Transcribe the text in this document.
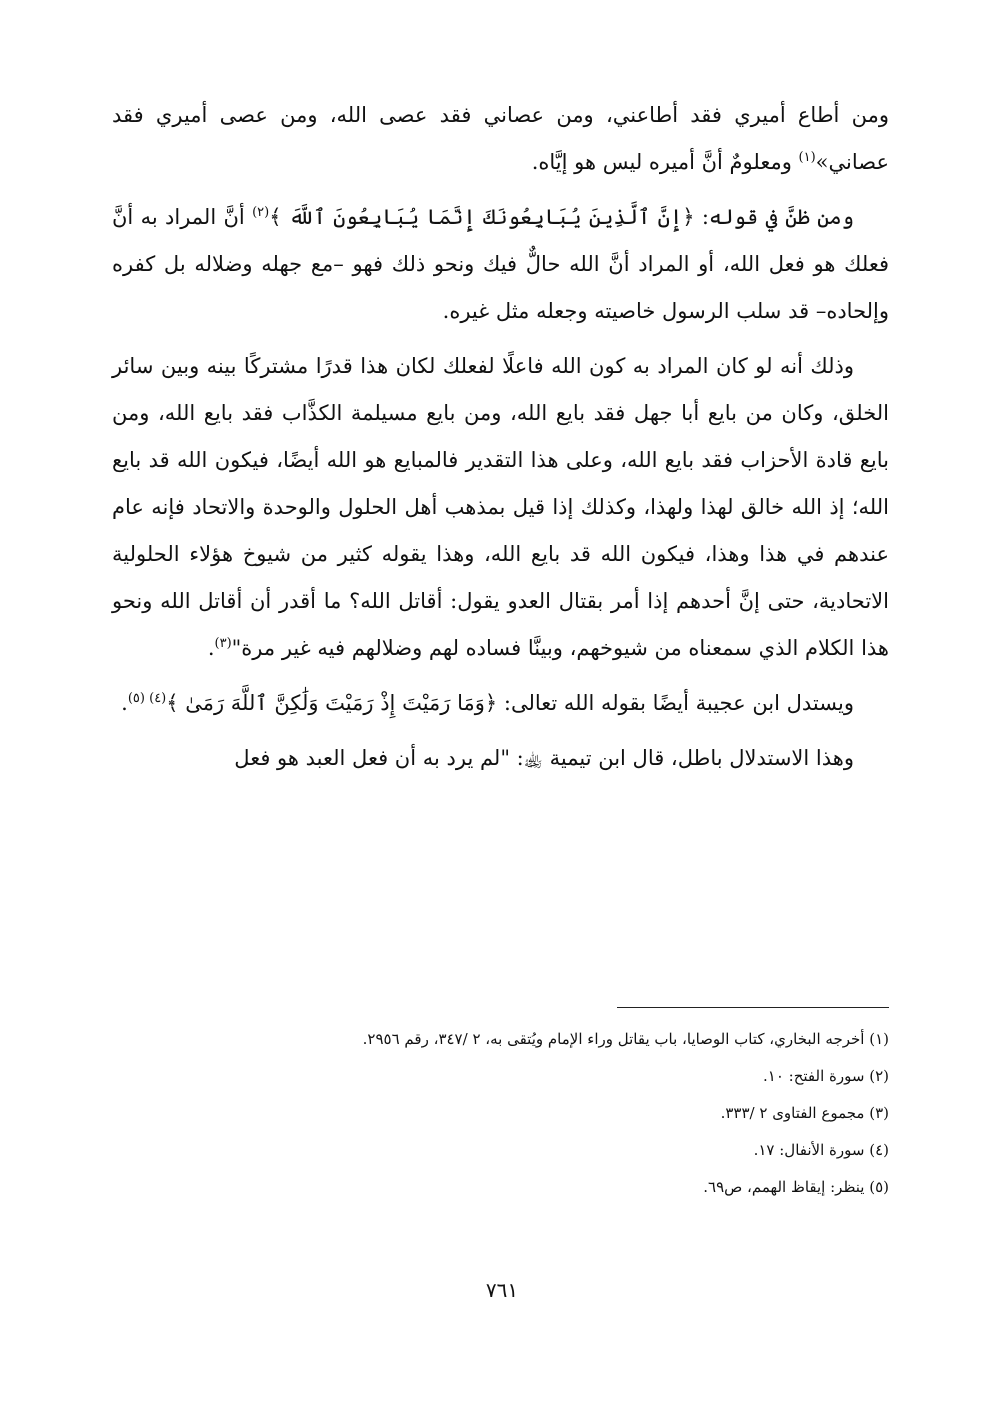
ومن أطاع أميري فقد أطاعني، ومن عصاني فقد عصى الله، ومن عصى أميري فقد عصاني»$^{(١)}$ ومعلومٌ أنَّ أميره ليس هو إيَّاه.

ومن ظنَّ في قوله: ﴿إِنَّ ٱلَّذِينَ يُبَايِعُونَكَ إِنَّمَا يُبَايِعُونَ ٱللَّهَ ﴾$^{(٢)}$ أنَّ المراد به أنَّ فعلك هو فعل الله، أو المراد أنَّ الله حالٌّ فيك ونحو ذلك فهو –مع جهله وضلاله بل كفره وإلحاده– قد سلب الرسول خاصيته وجعله مثل غيره.

وذلك أنه لو كان المراد به كون الله فاعلًا لفعلك لكان هذا قدرًا مشتركًا بينه وبين سائر الخلق، وكان من بايع أبا جهل فقد بايع الله، ومن بايع مسيلمة الكذَّاب فقد بايع الله، ومن بايع قادة الأحزاب فقد بايع الله، وعلى هذا التقدير فالمبايع هو الله أيضًا، فيكون الله قد بايع الله؛ إذ الله خالق لهذا ولهذا، وكذلك إذا قيل بمذهب أهل الحلول والوحدة والاتحاد فإنه عام عندهم في هذا وهذا، فيكون الله قد بايع الله، وهذا يقوله كثير من شيوخ هؤلاء الحلولية الاتحادية، حتى إنَّ أحدهم إذا أمر بقتال العدو يقول: أقاتل الله؟ ما أقدر أن أقاتل الله ونحو هذا الكلام الذي سمعناه من شيوخهم، وبينَّا فساده لهم وضلالهم فيه غير مرة"$^{(٣)}$.

ويستدل ابن عجيبة أيضًا بقوله الله تعالى: ﴿وَمَا رَمَيْتَ إِذْ رَمَيْتَ وَلَٰكِنَّ ٱللَّهَ رَمَىٰ ﴾$^{(٤)}$ $^{(٥)}$.

وهذا الاستدلال باطل، قال ابن تيمية ﵀: "لم يرد به أن فعل العبد هو فعل

(١) أخرجه البخاري، كتاب الوصايا، باب يقاتل وراء الإمام ويُتقى به، ٢ /٣٤٧، رقم ٢٩٥٦.
(٢) سورة الفتح: ١٠.
(٣) مجموع الفتاوى ٢ /٣٣٣.
(٤) سورة الأنفال: ١٧.
(٥) ينظر: إيقاظ الهمم، ص٦٩.
٧٦١
